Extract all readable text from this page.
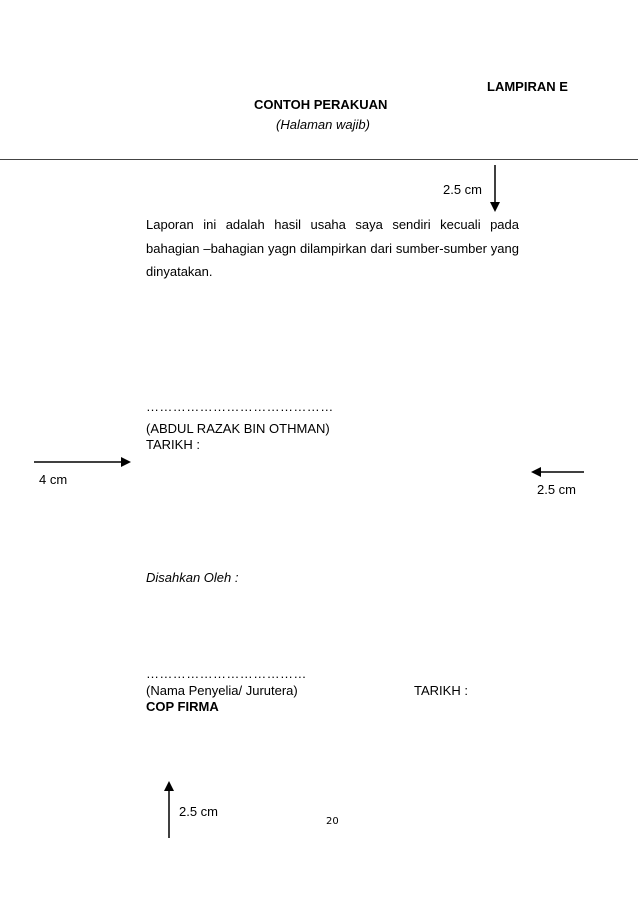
LAMPIRAN E
CONTOH PERAKUAN
(Halaman wajib)
2.5 cm
Laporan ini adalah hasil usaha saya sendiri kecuali pada bahagian –bahagian yagn dilampirkan dari sumber-sumber yang dinyatakan.
……………………………………
(ABDUL RAZAK BIN OTHMAN)
TARIKH :
4 cm
2.5 cm
Disahkan Oleh :
………………………………
(Nama Penyelia/ Jurutera)	TARIKH :
COP FIRMA
2.5 cm
20
